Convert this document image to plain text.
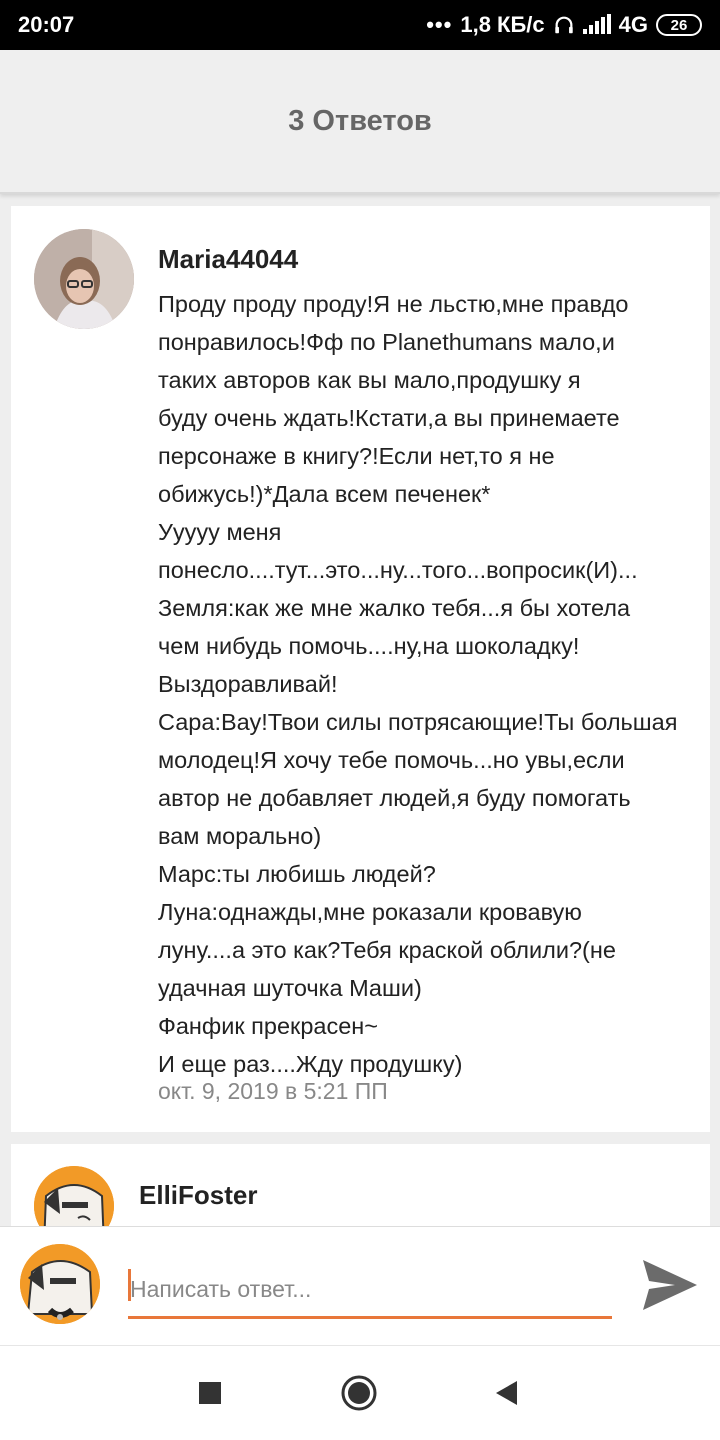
20:07	••• 1,8 КБ/с	4G 26
3 Ответов
Maria44044
Проду проду проду!Я не льстю,мне правдо
понравилось!Фф по Planethumans мало,и
таких авторов как вы мало,продушку я
буду очень ждать!Кстати,а вы принемаете
персонаже в книгу?!Если нет,то я не
обижусь!)*Дала всем печенек*
Ууууу меня
понесло....тут...это...ну...того...вопросик(И)...
Земля:как же мне жалко тебя...я бы хотела
чем нибудь помочь....ну,на шоколадку!
Выздоравливай!
Сара:Вау!Твои силы потрясающие!Ты большая
молодец!Я хочу тебе помочь...но увы,если
автор не добавляет людей,я буду помогать
вам морально)
Марс:ты любишь людей?
Луна:однажды,мне роказали кровавую
луну....а это как?Тебя краской облили?(не
удачная шуточка Маши)
Фанфик прекрасен~
И еще раз....Жду продушку)
окт. 9, 2019 в 5:21 ПП
ElliFoster
Написать ответ...
